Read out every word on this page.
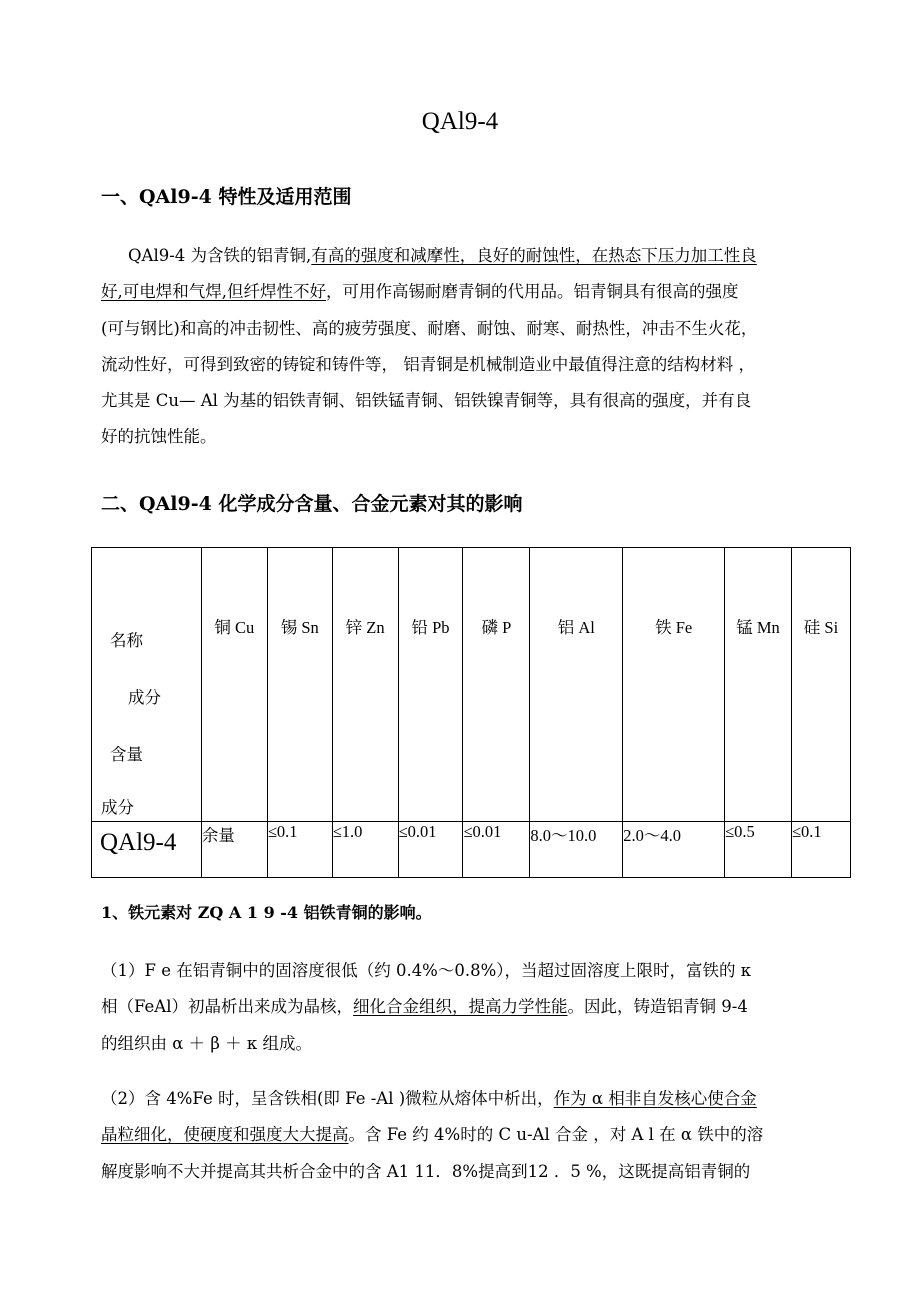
QAl9-4
一、QAl9-4 特性及适用范围
QAl9-4 为含铁的铝青铜,有高的强度和减摩性，良好的耐蚀性，在热态下压力加工性良
好,可电焊和气焊,但纤焊性不好，可用作高锡耐磨青铜的代用品。铝青铜具有很高的强度
(可与钢比)和高的冲击韧性、高的疲劳强度、耐磨、耐蚀、耐寒、耐热性，冲击不生火花，
流动性好，可得到致密的铸锭和铸件等， 铝青铜是机械制造业中最值得注意的结构材料 ，
尤其是 Cu— Al 为基的铝铁青铜、铝铁锰青铜、铝铁镍青铜等，具有很高的强度，并有良
好的抗蚀性能。
二、QAl9-4 化学成分含量、合金元素对其的影响
名称
成分
含量
成分	铜 Cu	锡 Sn	锌 Zn	铅 Pb	磷 P	铝 Al	铁 Fe	锰 Mn	硅 Si

QAl9-4	余量	≤0.1	≤1.0	≤0.01	≤0.01	8.0～10.0	2.0～4.0	≤0.5	≤0.1
1、铁元素对 ZQ A 1 9 -4 铝铁青铜的影响。
（1）F e 在铝青铜中的固溶度很低（约 0.4%～0.8%），当超过固溶度上限时，富铁的 κ
相（FeAl）初晶析出来成为晶核，细化合金组织，提高力学性能。因此，铸造铝青铜 9-4
的组织由 α ＋ β ＋ κ 组成。
（2）含 4%Fe 时，呈含铁相(即 Fe -Al )微粒从熔体中析出，作为 α 相非自发核心使合金
晶粒细化，使硬度和强度大大提高。含 Fe 约 4%时的 C u-Al 合金 ，对 A l 在 α 铁中的溶
解度影响不大并提高其共析合金中的含 A1 11．8%提高到12 ．5 %，这既提高铝青铜的
